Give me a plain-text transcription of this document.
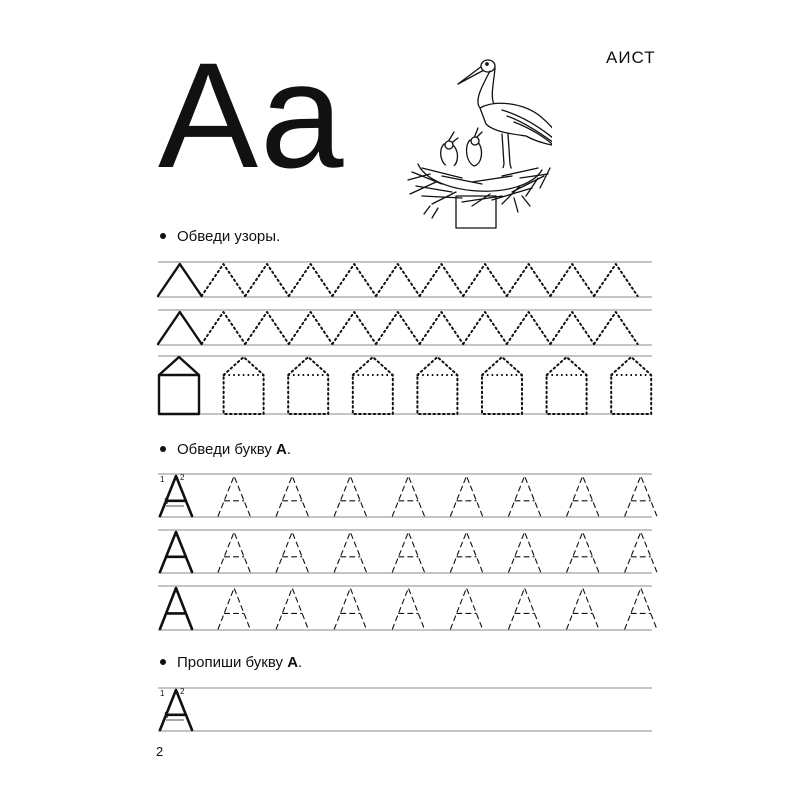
Aa	АИСТ
Обведи узоры.
Обведи букву А.
Пропиши букву А.
1 2
3
1 2
3
2
